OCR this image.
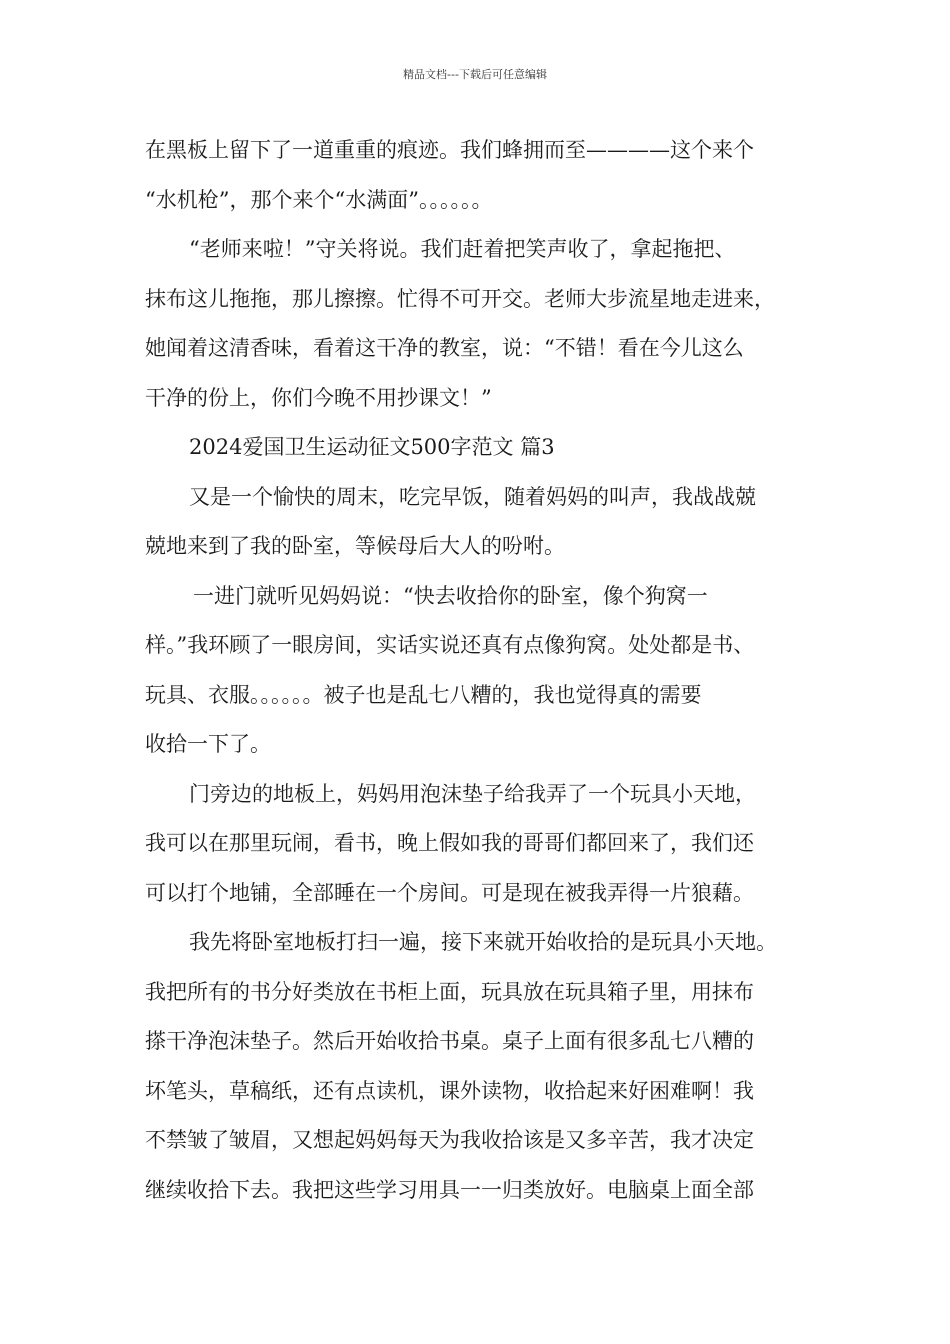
精品文档---下载后可任意编辑
在黑板上留下了一道重重的痕迹。我们蜂拥而至————这个来个
“水机枪”，那个来个“水满面”。。。。。。
“老师来啦！”守关将说。我们赶着把笑声收了，拿起拖把、
抹布这儿拖拖，那儿擦擦。忙得不可开交。老师大步流星地走进来，
她闻着这清香味，看着这干净的教室，说：“不错！看在今儿这么
干净的份上，你们今晚不用抄课文！”
2024爱国卫生运动征文500字范文 篇3
又是一个愉快的周末，吃完早饭，随着妈妈的叫声，我战战兢
兢地来到了我的卧室，等候母后大人的吩咐。
一进门就听见妈妈说：“快去收拾你的卧室，像个狗窝一
样。”我环顾了一眼房间，实话实说还真有点像狗窝。处处都是书、
玩具、衣服。。。。。。被子也是乱七八糟的，我也觉得真的需要
收拾一下了。
门旁边的地板上，妈妈用泡沫垫子给我弄了一个玩具小天地，
我可以在那里玩闹，看书，晚上假如我的哥哥们都回来了，我们还
可以打个地铺，全部睡在一个房间。可是现在被我弄得一片狼藉。
我先将卧室地板打扫一遍，接下来就开始收拾的是玩具小天地。
我把所有的书分好类放在书柜上面，玩具放在玩具箱子里，用抹布
搽干净泡沫垫子。然后开始收拾书桌。桌子上面有很多乱七八糟的
坏笔头，草稿纸，还有点读机，课外读物，收拾起来好困难啊！我
不禁皱了皱眉，又想起妈妈每天为我收拾该是又多辛苦，我才决定
继续收拾下去。我把这些学习用具一一归类放好。电脑桌上面全部
